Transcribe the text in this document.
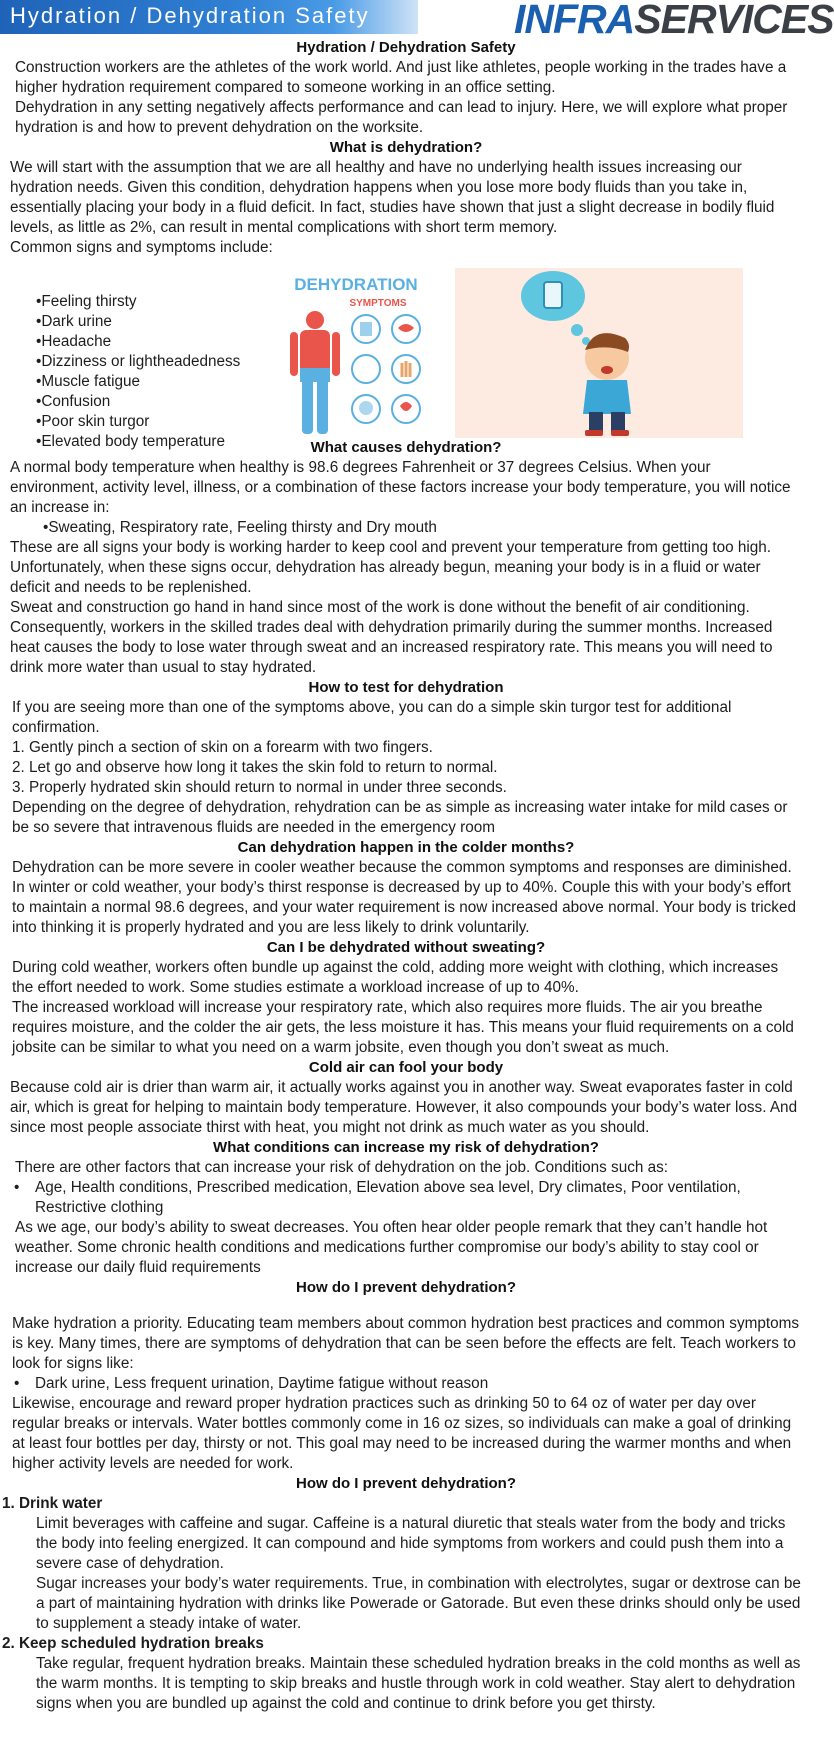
Hydration / Dehydration Safety	INFRASERVICES

Hydration / Dehydration Safety

Construction workers are the athletes of the work world. And just like athletes, people working in the trades have a higher hydration requirement compared to someone working in an office setting.

Dehydration in any setting negatively affects performance and can lead to injury. Here, we will explore what proper hydration is and how to prevent dehydration on the worksite.

What is dehydration?

We will start with the assumption that we are all healthy and have no underlying health issues increasing our hydration needs. Given this condition, dehydration happens when you lose more body fluids than you take in, essentially placing your body in a fluid deficit. In fact, studies have shown that just a slight decrease in bodily fluid levels, as little as 2%, can result in mental complications with short term memory.

Common signs and symptoms include:

•Feeling thirsty
•Dark urine
•Headache
•Dizziness or lightheadedness
•Muscle fatigue
•Confusion
•Poor skin turgor
•Elevated body temperature
DEHYDRATION
SYMPTOMS

What causes dehydration?

A normal body temperature when healthy is 98.6 degrees Fahrenheit or 37 degrees Celsius. When your environment, activity level, illness, or a combination of these factors increase your body temperature, you will notice an increase in:

•Sweating, Respiratory rate, Feeling thirsty and Dry mouth

These are all signs your body is working harder to keep cool and prevent your temperature from getting too high. Unfortunately, when these signs occur, dehydration has already begun, meaning your body is in a fluid or water deficit and needs to be replenished.

Sweat and construction go hand in hand since most of the work is done without the benefit of air conditioning. Consequently, workers in the skilled trades deal with dehydration primarily during the summer months. Increased heat causes the body to lose water through sweat and an increased respiratory rate. This means you will need to drink more water than usual to stay hydrated.

How to test for dehydration

If you are seeing more than one of the symptoms above, you can do a simple skin turgor test for additional confirmation.

1. Gently pinch a section of skin on a forearm with two fingers.

2. Let go and observe how long it takes the skin fold to return to normal.

3. Properly hydrated skin should return to normal in under three seconds.

Depending on the degree of dehydration, rehydration can be as simple as increasing water intake for mild cases or be so severe that intravenous fluids are needed in the emergency room

Can dehydration happen in the colder months?

Dehydration can be more severe in cooler weather because the common symptoms and responses are diminished. In winter or cold weather, your body’s thirst response is decreased by up to 40%. Couple this with your body’s effort to maintain a normal 98.6 degrees, and your water requirement is now increased above normal. Your body is tricked into thinking it is properly hydrated and you are less likely to drink voluntarily.

Can I be dehydrated without sweating?

During cold weather, workers often bundle up against the cold, adding more weight with clothing, which increases the effort needed to work. Some studies estimate a workload increase of up to 40%.

The increased workload will increase your respiratory rate, which also requires more fluids. The air you breathe requires moisture, and the colder the air gets, the less moisture it has. This means your fluid requirements on a cold jobsite can be similar to what you need on a warm jobsite, even though you don’t sweat as much.

Cold air can fool your body

Because cold air is drier than warm air, it actually works against you in another way. Sweat evaporates faster in cold air, which is great for helping to maintain body temperature. However, it also compounds your body’s water loss. And since most people associate thirst with heat, you might not drink as much water as you should.

What conditions can increase my risk of dehydration?

There are other factors that can increase your risk of dehydration on the job. Conditions such as:

• Age, Health conditions, Prescribed medication, Elevation above sea level, Dry climates, Poor ventilation, Restrictive clothing

As we age, our body’s ability to sweat decreases. You often hear older people remark that they can’t handle hot weather. Some chronic health conditions and medications further compromise our body’s ability to stay cool or increase our daily fluid requirements

How do I prevent dehydration?

Make hydration a priority. Educating team members about common hydration best practices and common symptoms is key. Many times, there are symptoms of dehydration that can be seen before the effects are felt. Teach workers to look for signs like:

• Dark urine, Less frequent urination, Daytime fatigue without reason

Likewise, encourage and reward proper hydration practices such as drinking 50 to 64 oz of water per day over regular breaks or intervals. Water bottles commonly come in 16 oz sizes, so individuals can make a goal of drinking at least four bottles per day, thirsty or not. This goal may need to be increased during the warmer months and when higher activity levels are needed for work.

How do I prevent dehydration?

1. Drink water

Limit beverages with caffeine and sugar. Caffeine is a natural diuretic that steals water from the body and tricks the body into feeling energized. It can compound and hide symptoms from workers and could push them into a severe case of dehydration.

Sugar increases your body’s water requirements. True, in combination with electrolytes, sugar or dextrose can be a part of maintaining hydration with drinks like Powerade or Gatorade. But even these drinks should only be used to supplement a steady intake of water.

2. Keep scheduled hydration breaks

Take regular, frequent hydration breaks. Maintain these scheduled hydration breaks in the cold months as well as the warm months. It is tempting to skip breaks and hustle through work in cold weather. Stay alert to dehydration signs when you are bundled up against the cold and continue to drink before you get thirsty.
